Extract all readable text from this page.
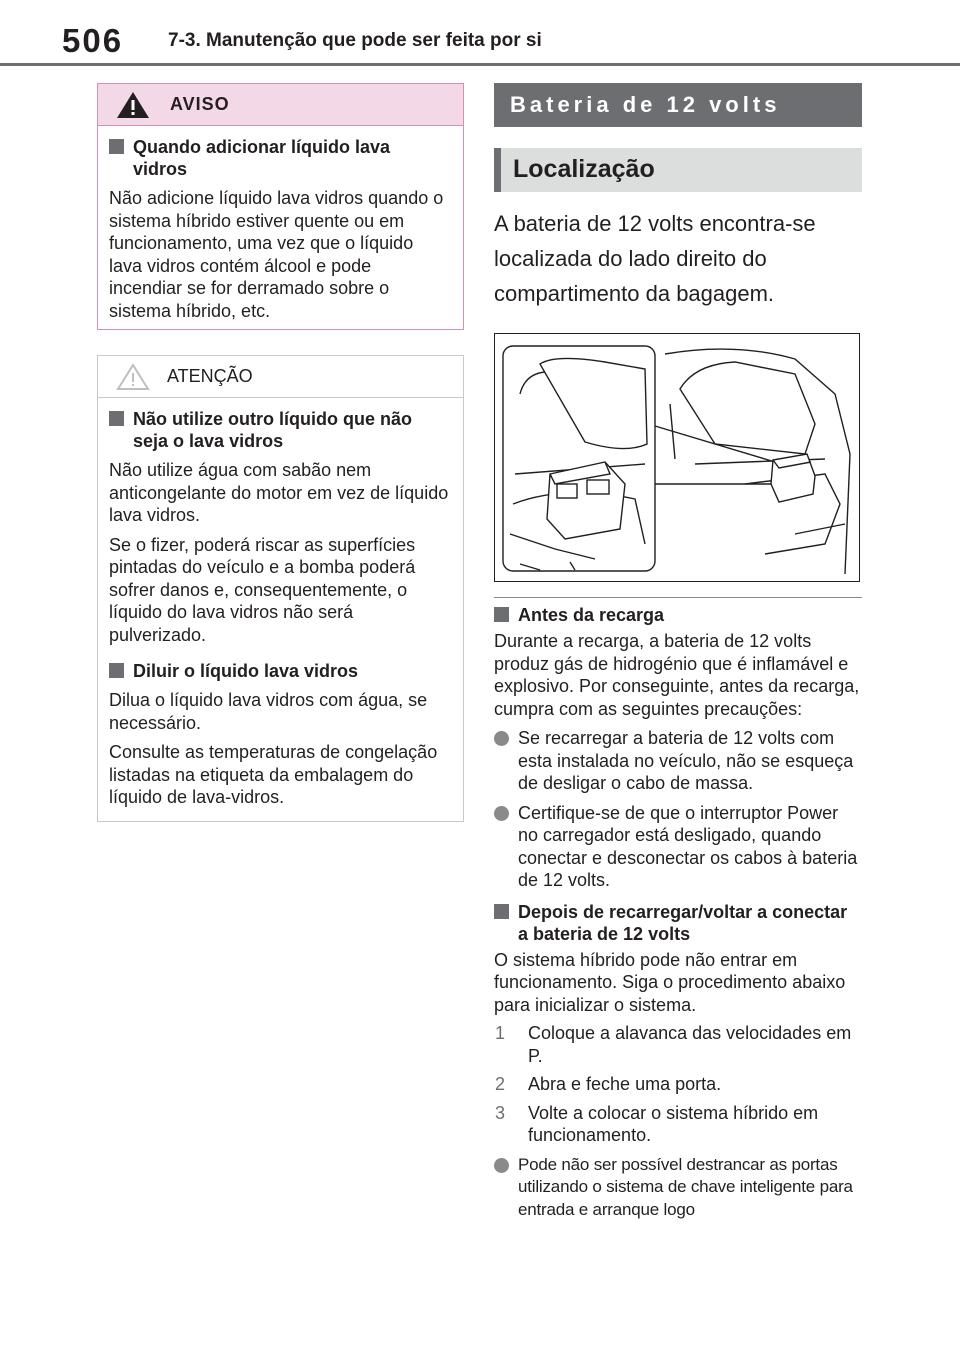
506 7-3. Manutenção que pode ser feita por si
AVISO
Quando adicionar líquido lava vidros
Não adicione líquido lava vidros quando o sistema híbrido estiver quente ou em funcionamento, uma vez que o líquido lava vidros contém álcool e pode incendiar se for derramado sobre o sistema híbrido, etc.
ATENÇÃO
Não utilize outro líquido que não seja o lava vidros
Não utilize água com sabão nem anticongelante do motor em vez de líquido lava vidros.
Se o fizer, poderá riscar as superfícies pintadas do veículo e a bomba poderá sofrer danos e, consequentemente, o líquido do lava vidros não será pulverizado.
Diluir o líquido lava vidros
Dilua o líquido lava vidros com água, se necessário.
Consulte as temperaturas de congelação listadas na etiqueta da embalagem do líquido de lava-vidros.
Bateria de 12 volts
Localização
A bateria de 12 volts encontra-se localizada do lado direito do compartimento da bagagem.
Antes da recarga
Durante a recarga, a bateria de 12 volts produz gás de hidrogénio que é inflamável e explosivo. Por conseguinte, antes da recarga, cumpra com as seguintes precauções:
Se recarregar a bateria de 12 volts com esta instalada no veículo, não se esqueça de desligar o cabo de massa.
Certifique-se de que o interruptor Power no carregador está desligado, quando conectar e desconectar os cabos à bateria de 12 volts.
Depois de recarregar/voltar a conectar a bateria de 12 volts
O sistema híbrido pode não entrar em funcionamento. Siga o procedimento abaixo para inicializar o sistema.
1 Coloque a alavanca das velocidades em P.
2 Abra e feche uma porta.
3 Volte a colocar o sistema híbrido em funcionamento.
Pode não ser possível destrancar as portas utilizando o sistema de chave inteligente para entrada e arranque logo
